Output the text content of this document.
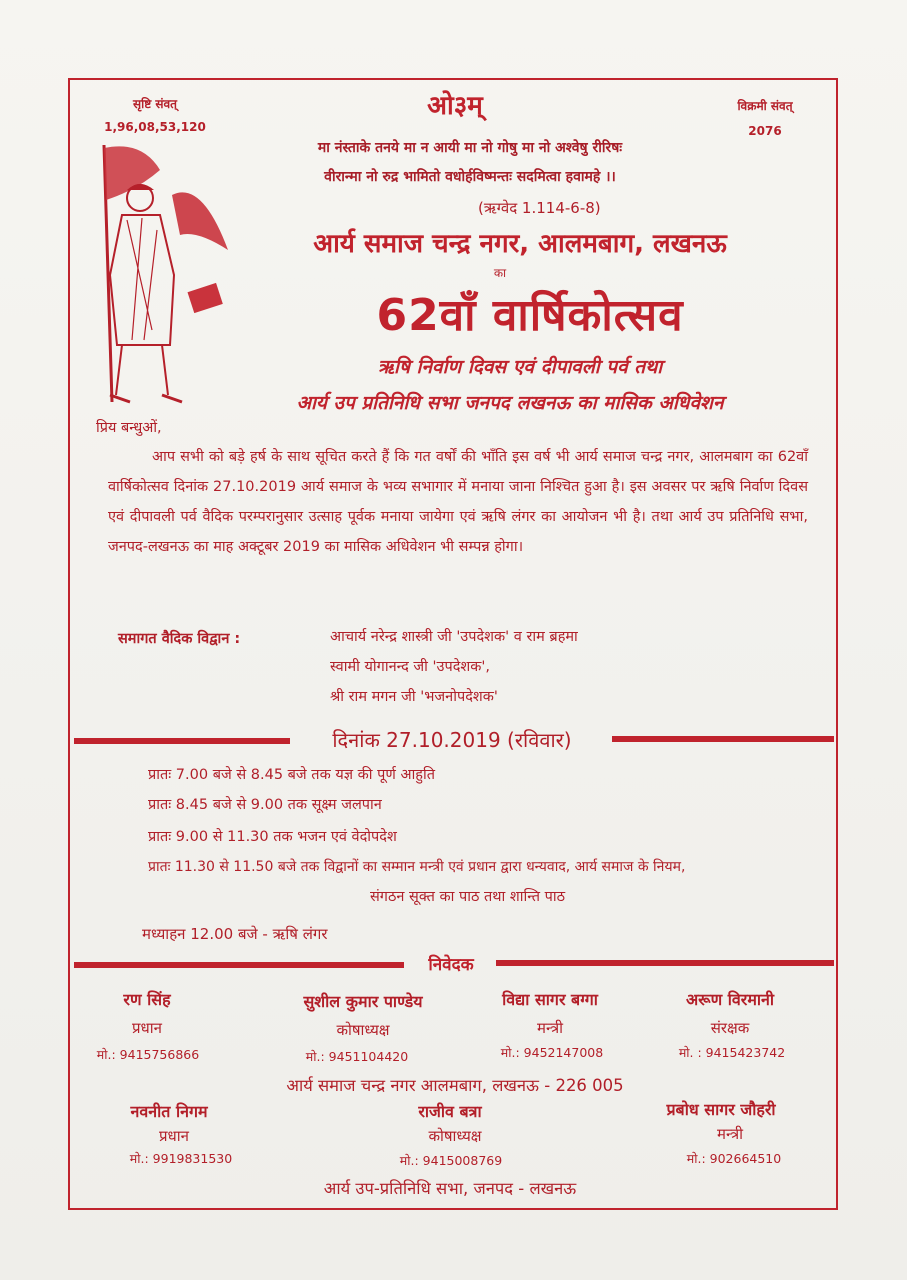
सृष्टि संवत्
1,96,08,53,120
ओ३म्	विक्रमी संवत्
2076
मा नंस्ताके तनये मा न आयी मा नो गोषु मा नो अश्वेषु रीरिषः
वीरान्मा नो रुद्र भामितो वधोर्हविष्मन्तः सदमित्वा हवामहे ।।
(ऋग्वेद 1.114-6-8)
आर्य समाज चन्द्र नगर, आलमबाग, लखनऊ
का
62वाँ वार्षिकोत्सव
ऋषि निर्वाण दिवस एवं दीपावली पर्व तथा
आर्य उप प्रतिनिधि सभा जनपद लखनऊ का मासिक अधिवेशन
प्रिय बन्धुओं,
आप सभी को बड़े हर्ष के साथ सूचित करते हैं कि गत वर्षों की भाँति इस वर्ष भी आर्य समाज चन्द्र नगर, आलमबाग का 62वाँ वार्षिकोत्सव दिनांक 27.10.2019 आर्य समाज के भव्य सभागार में मनाया जाना निश्चित हुआ है। इस अवसर पर ऋषि निर्वाण दिवस एवं दीपावली पर्व वैदिक परम्परानुसार उत्साह पूर्वक मनाया जायेगा एवं ऋषि लंगर का आयोजन भी है। तथा आर्य उप प्रतिनिधि सभा, जनपद-लखनऊ का माह अक्टूबर 2019 का मासिक अधिवेशन भी सम्पन्न होगा।
समागत वैदिक विद्वान :	आचार्य नरेन्द्र शास्त्री जी 'उपदेशक' व राम ब्रहमा
स्वामी योगानन्द जी 'उपदेशक',
श्री राम मगन जी 'भजनोपदेशक'
दिनांक 27.10.2019 (रविवार)
प्रातः 7.00 बजे से 8.45 बजे तक यज्ञ की पूर्ण आहुति
प्रातः 8.45 बजे से 9.00 तक सूक्ष्म जलपान
प्रातः 9.00 से 11.30 तक भजन एवं वेदोपदेश
प्रातः 11.30 से 11.50 बजे तक विद्वानों का सम्मान मन्त्री एवं प्रधान द्वारा धन्यवाद, आर्य समाज के नियम,
संगठन सूक्त का पाठ तथा शान्ति पाठ
मध्याहन 12.00 बजे - ऋषि लंगर
निवेदक
रण सिंह
प्रधान
मो.: 9415756866
सुशील कुमार पाण्डेय
कोषाध्यक्ष
मो.: 9451104420
विद्या सागर बग्गा
मन्त्री
मो.: 9452147008
अरूण विरमानी
संरक्षक
मो. : 9415423742
आर्य समाज चन्द्र नगर आलमबाग, लखनऊ - 226 005
नवनीत निगम
प्रधान
मो.: 9919831530
राजीव बत्रा
कोषाध्यक्ष
मो.: 9415008769
प्रबोध सागर जौहरी
मन्त्री
मो.: 902664510
आर्य उप-प्रतिनिधि सभा, जनपद - लखनऊ
